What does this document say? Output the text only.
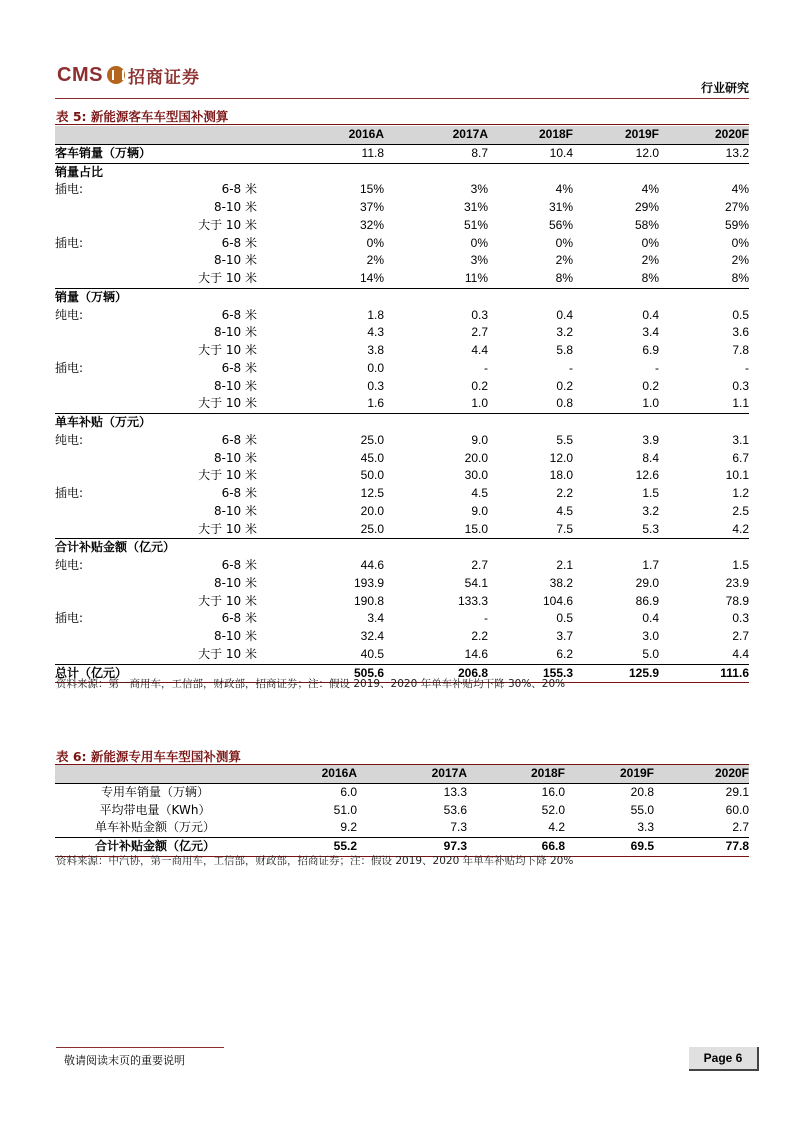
CMS 招商证券
行业研究
表 5: 新能源客车车型国补测算
		2016A	2017A	2018F	2019F	2020F
客车销量（万辆）		11.8	8.7	10.4	12.0	13.2
销量占比						
插电:	6-8 米	15%	3%	4%	4%	4%
	8-10 米	37%	31%	31%	29%	27%
	大于 10 米	32%	51%	56%	58%	59%
插电:	6-8 米	0%	0%	0%	0%	0%
	8-10 米	2%	3%	2%	2%	2%
	大于 10 米	14%	11%	8%	8%	8%
销量（万辆）						
纯电:	6-8 米	1.8	0.3	0.4	0.4	0.5
	8-10 米	4.3	2.7	3.2	3.4	3.6
	大于 10 米	3.8	4.4	5.8	6.9	7.8
插电:	6-8 米	0.0	-	-	-	-
	8-10 米	0.3	0.2	0.2	0.2	0.3
	大于 10 米	1.6	1.0	0.8	1.0	1.1
单车补贴（万元）						
纯电:	6-8 米	25.0	9.0	5.5	3.9	3.1
	8-10 米	45.0	20.0	12.0	8.4	6.7
	大于 10 米	50.0	30.0	18.0	12.6	10.1
插电:	6-8 米	12.5	4.5	2.2	1.5	1.2
	8-10 米	20.0	9.0	4.5	3.2	2.5
	大于 10 米	25.0	15.0	7.5	5.3	4.2
合计补贴金额（亿元）						
纯电:	6-8 米	44.6	2.7	2.1	1.7	1.5
	8-10 米	193.9	54.1	38.2	29.0	23.9
	大于 10 米	190.8	133.3	104.6	86.9	78.9
插电:	6-8 米	3.4	-	0.5	0.4	0.3
	8-10 米	32.4	2.2	3.7	3.0	2.7
	大于 10 米	40.5	14.6	6.2	5.0	4.4
总计（亿元）		505.6	206.8	155.3	125.9	111.6
资料来源：第一商用车，工信部，财政部，招商证券；注：假设 2019、2020 年单车补贴均下降 30%、20%
表 6: 新能源专用车车型国补测算
	2016A	2017A	2018F	2019F	2020F
专用车销量（万辆）	6.0	13.3	16.0	20.8	29.1
平均带电量（KWh）	51.0	53.6	52.0	55.0	60.0
单车补贴金额（万元）	9.2	7.3	4.2	3.3	2.7
合计补贴金额（亿元）	55.2	97.3	66.8	69.5	77.8
资料来源：中汽协，第一商用车，工信部，财政部，招商证券；注：假设 2019、2020 年单车补贴均下降 20%
敬请阅读末页的重要说明	Page 6
